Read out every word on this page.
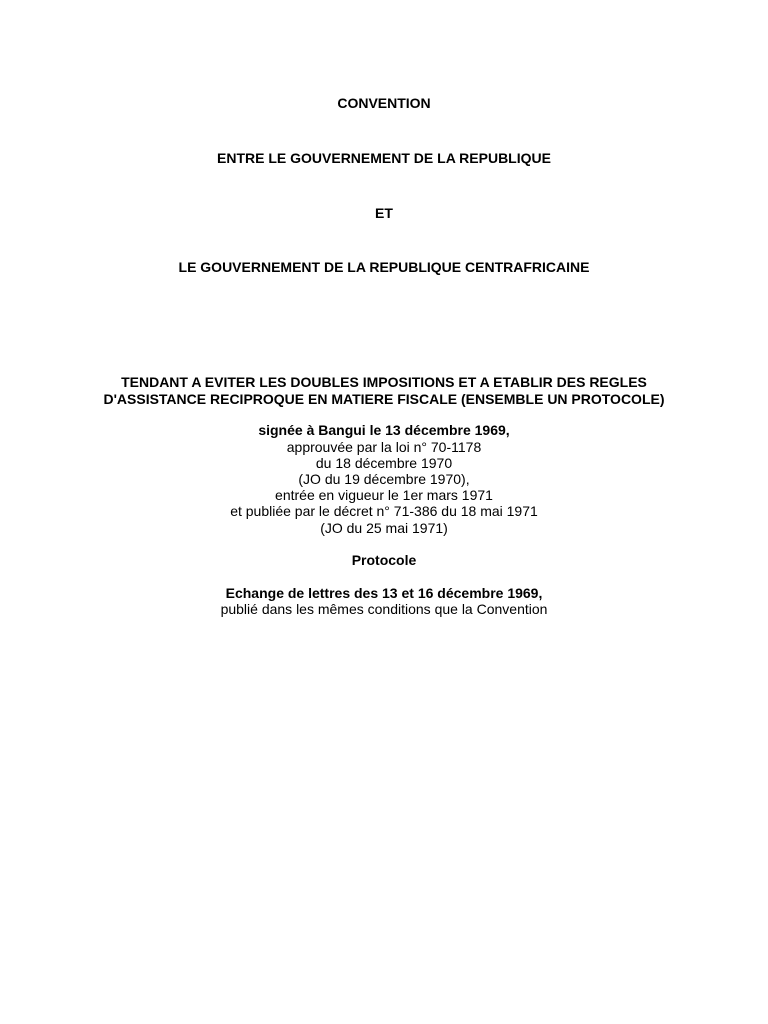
CONVENTION
ENTRE LE GOUVERNEMENT DE LA REPUBLIQUE
ET
LE GOUVERNEMENT DE LA REPUBLIQUE CENTRAFRICAINE
TENDANT A EVITER LES DOUBLES IMPOSITIONS ET A ETABLIR DES REGLES
D'ASSISTANCE RECIPROQUE EN MATIERE FISCALE (ENSEMBLE UN PROTOCOLE)
signée à Bangui le 13 décembre 1969,
approuvée par la loi n° 70-1178
du 18 décembre 1970
(JO du 19 décembre 1970),
entrée en vigueur le 1er mars 1971
et publiée par le décret n° 71-386 du 18 mai 1971
(JO du 25 mai 1971)
Protocole
Echange de lettres des 13 et 16 décembre 1969,
publié dans les mêmes conditions que la Convention
